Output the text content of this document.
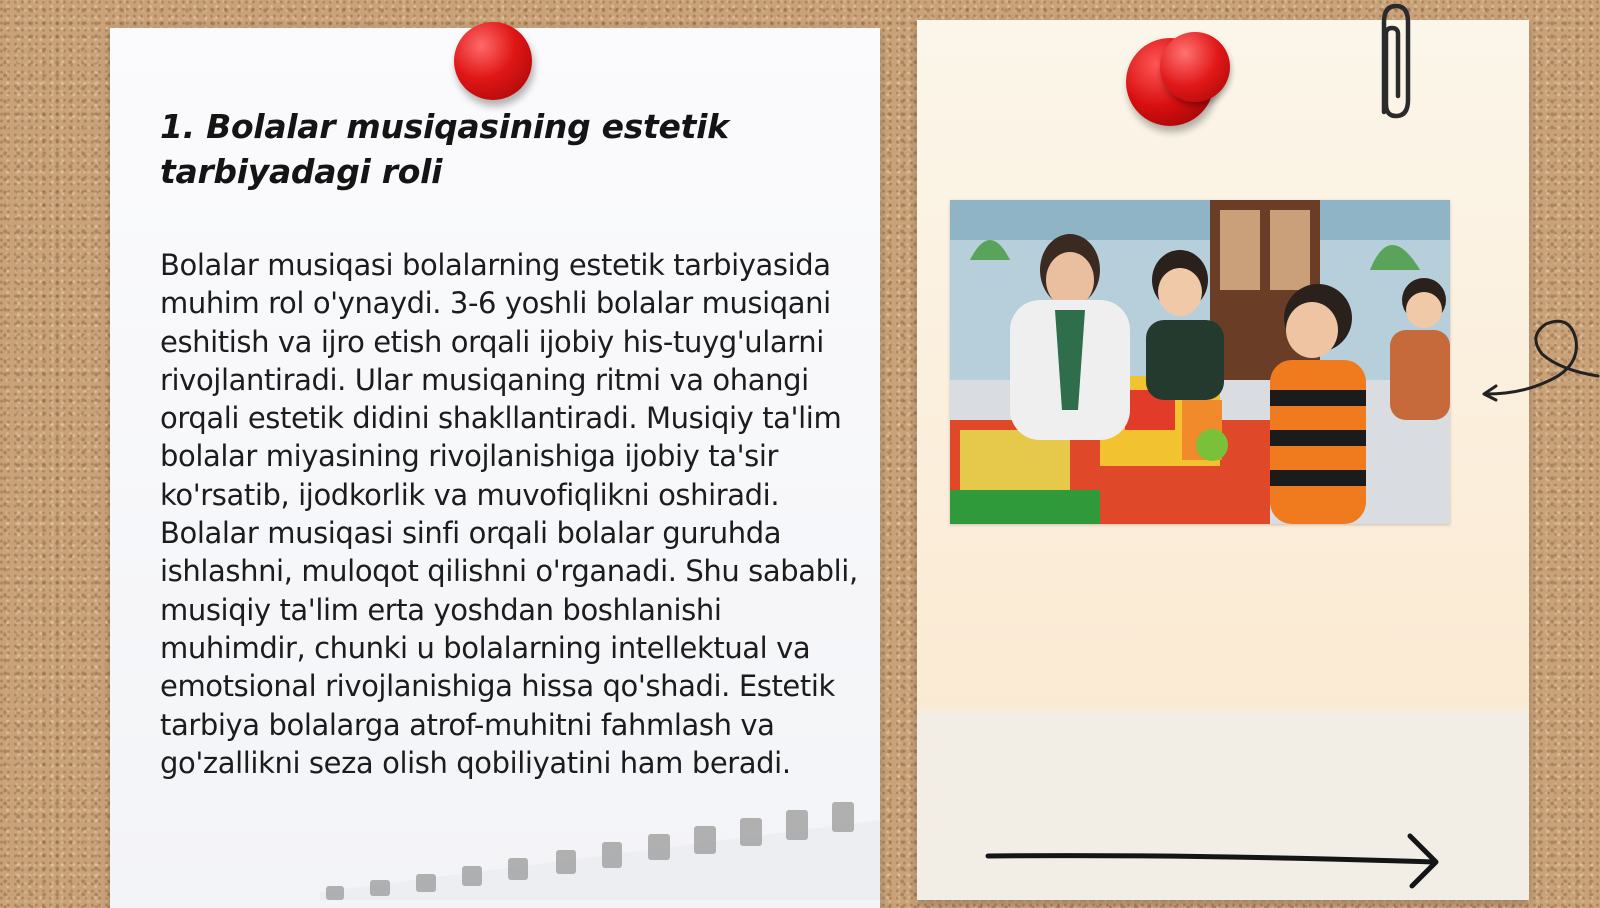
1. Bolalar musiqasining estetik tarbiyadagi roli

Bolalar musiqasi bolalarning estetik tarbiyasida muhim rol o'ynaydi. 3-6 yoshli bolalar musiqani eshitish va ijro etish orqali ijobiy his-tuyg'ularni rivojlantiradi. Ular musiqaning ritmi va ohangi orqali estetik didini shakllantiradi. Musiqiy ta'lim bolalar miyasining rivojlanishiga ijobiy ta'sir ko'rsatib, ijodkorlik va muvofiqlikni oshiradi. Bolalar musiqasi sinfi orqali bolalar guruhda ishlashni, muloqot qilishni o'rganadi. Shu sababli, musiqiy ta'lim erta yoshdan boshlanishi muhimdir, chunki u bolalarning intellektual va emotsional rivojlanishiga hissa qo'shadi. Estetik tarbiya bolalarga atrof-muhitni fahmlash va go'zallikni seza olish qobiliyatini ham beradi.
